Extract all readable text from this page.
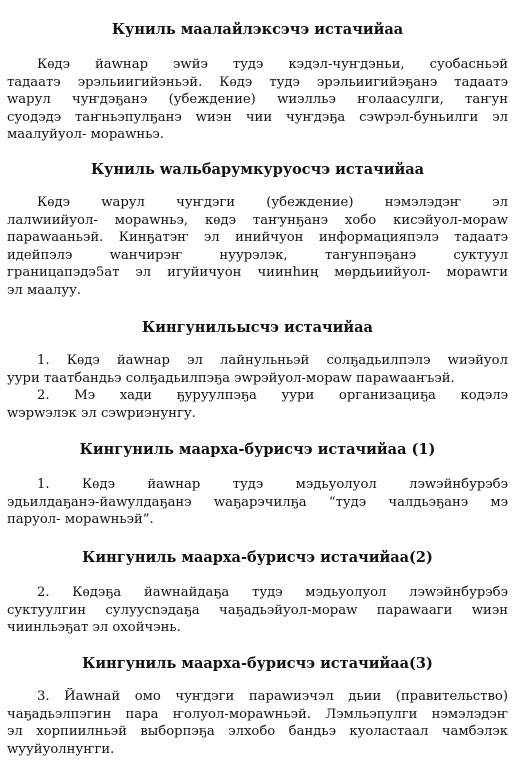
Куниль маалайлэксэчэ истачийаа

Кѳдэ йаwнар эwйэ тудэ кэдэл-чуҥдэньи, суобасньэй
тадаатэ эрэльиигийэньэй. Кѳдэ тудэ эрэльиигийэҕанэ тадаатэ
wарул чуҥдэҕанэ (убеждение) wиэлльэ ҥолаасулги, таҥун
суодэдэ таҥньэпулҕанэ wиэн чии чуҥдэҕа сэwрэл-буньилги эл
маалуйуол- мораwньэ.

Куниль wальбарумкуруосчэ истачийаа

Кѳдэ wарул чуҥдэги (убеждение) нэмэлэдэҥ эл
лалwиийуол- мораwньэ, кѳдэ таҥунҕанэ хобо кисэйуол-мораw
параwааньэй. Кинҕатэҥ эл инийчуон информацияпэлэ тадаатэ
идейпэлэ wанчирэҥ нуурэлэк, таҥунпэҕанэ суктуул
границапэдэ5ат эл игуйичуон чиинhиң мѳрдьиийуол- мораwги
эл маалуу.

Кингунильысчэ истачийаа

1. Кѳдэ йаwнар эл лайнульньэй солҕадьилпэлэ wиэйуол
уури таатбандьэ солҕадьилпэҕа эwрэйуол-мораw параwааҥьэй.
2. Мэ хади ҕуруулпэҕа уури организациҕа кодэлэ
wэрwэлэк эл сэwриэнунгу.

Кингуниль маарха-бурисчэ истачийаа (1)

1. Кѳдэ йаwнар тудэ мэдьуолуол лэwэйнбурэбэ
эдьилдаҕанэ-йаwулдаҕанэ wаҕарэчилҕа “тудэ чалдьэҕанэ мэ
паруол- мораwньэй”.

Кингуниль маарха-бурисчэ истачийаа(2)

2. Кѳдэҕа йаwнайдаҕа тудэ мэдьуолуол лэwэйнбурэбэ
суктуулгин сулуусnэдаҕа чаҕадьэйуол-мораw параwааги wиэн
чиинльэҕат эл охойчэнь.

Кингуниль маарха-бурисчэ истачийаа(3)

3. Йаwнай омо чуҥдэги параwиэчэл дьии (правительство)
чаҕадьэлпэгин пара ҥолуол-мораwньэй. Лэмльэпулги нэмэлэдэҥ
эл хорпиилньэй выборпэҕа элхобо бандьэ куоластаал чамбэлэк
wууйуолнуҥги.
